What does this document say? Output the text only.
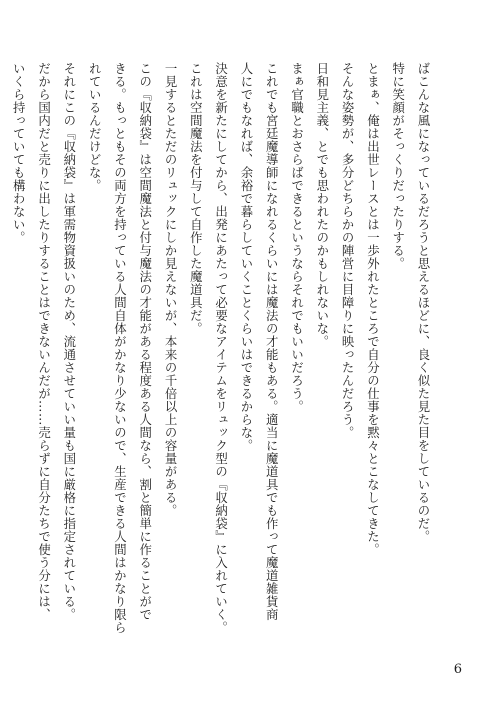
ばこんな風になっているだろうと思えるほどに、良く似た見た目をしているのだ。
特に笑顔がそっくりだったりする。
とまぁ、俺は出世レースとは一歩外れたところで自分の仕事を黙々とこなしてきた。
そんな姿勢が、多分どちらかの陣営に目障りに映ったんだろう。
日和見主義、とでも思われたのかもしれないな。
まぁ官職とおさらばできるというならそれでもいいだろう。
これでも宮廷魔導師になれるくらいには魔法の才能もある。適当に魔道具でも作って魔道雑貨商
人にでもなれば、余裕で暮らしていくことくらいはできるからな。
決意を新たにしてから、出発にあたって必要なアイテムをリュック型の『収納袋』に入れていく。
これは空間魔法を付与して自作した魔道具だ。
一見するとただのリュックにしか見えないが、本来の千倍以上の容量がある。
この『収納袋』は空間魔法と付与魔法の才能がある程度ある人間なら、割と簡単に作ることがで
きる。もっともその両方を持っている人間自体がかなり少ないので、生産できる人間はかなり限ら
れているんだけどな。
それにこの『収納袋』は軍需物資扱いのため、流通させていい量も国に厳格に指定されている。
だから国内だと売りに出したりすることはできないんだが……売らずに自分たちで使う分には、
いくら持っていても構わない。
6
